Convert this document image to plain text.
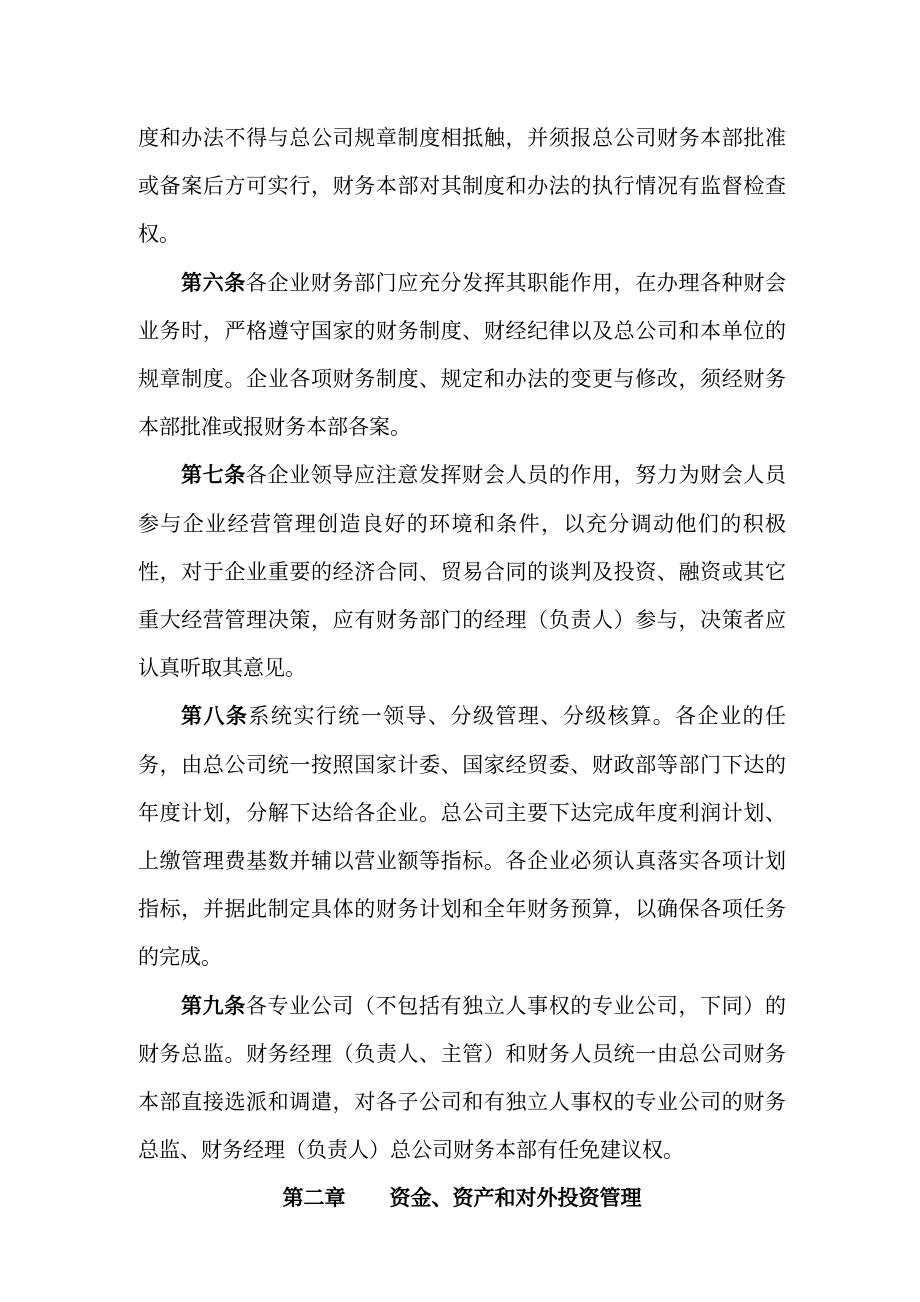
度和办法不得与总公司规章制度相抵触，并须报总公司财务本部批准或备案后方可实行，财务本部对其制度和办法的执行情况有监督检查权。

第六条各企业财务部门应充分发挥其职能作用，在办理各种财会业务时，严格遵守国家的财务制度、财经纪律以及总公司和本单位的规章制度。企业各项财务制度、规定和办法的变更与修改，须经财务本部批准或报财务本部各案。

第七条各企业领导应注意发挥财会人员的作用，努力为财会人员参与企业经营管理创造良好的环境和条件，以充分调动他们的积极性，对于企业重要的经济合同、贸易合同的谈判及投资、融资或其它重大经营管理决策，应有财务部门的经理（负责人）参与，决策者应认真听取其意见。

第八条系统实行统一领导、分级管理、分级核算。各企业的任务，由总公司统一按照国家计委、国家经贸委、财政部等部门下达的年度计划，分解下达给各企业。总公司主要下达完成年度利润计划、上缴管理费基数并辅以营业额等指标。各企业必须认真落实各项计划指标，并据此制定具体的财务计划和全年财务预算，以确保各项任务的完成。

第九条各专业公司（不包括有独立人事权的专业公司，下同）的财务总监。财务经理（负责人、主管）和财务人员统一由总公司财务本部直接选派和调遣，对各子公司和有独立人事权的专业公司的财务总监、财务经理（负责人）总公司财务本部有任免建议权。

第二章 资金、资产和对外投资管理
